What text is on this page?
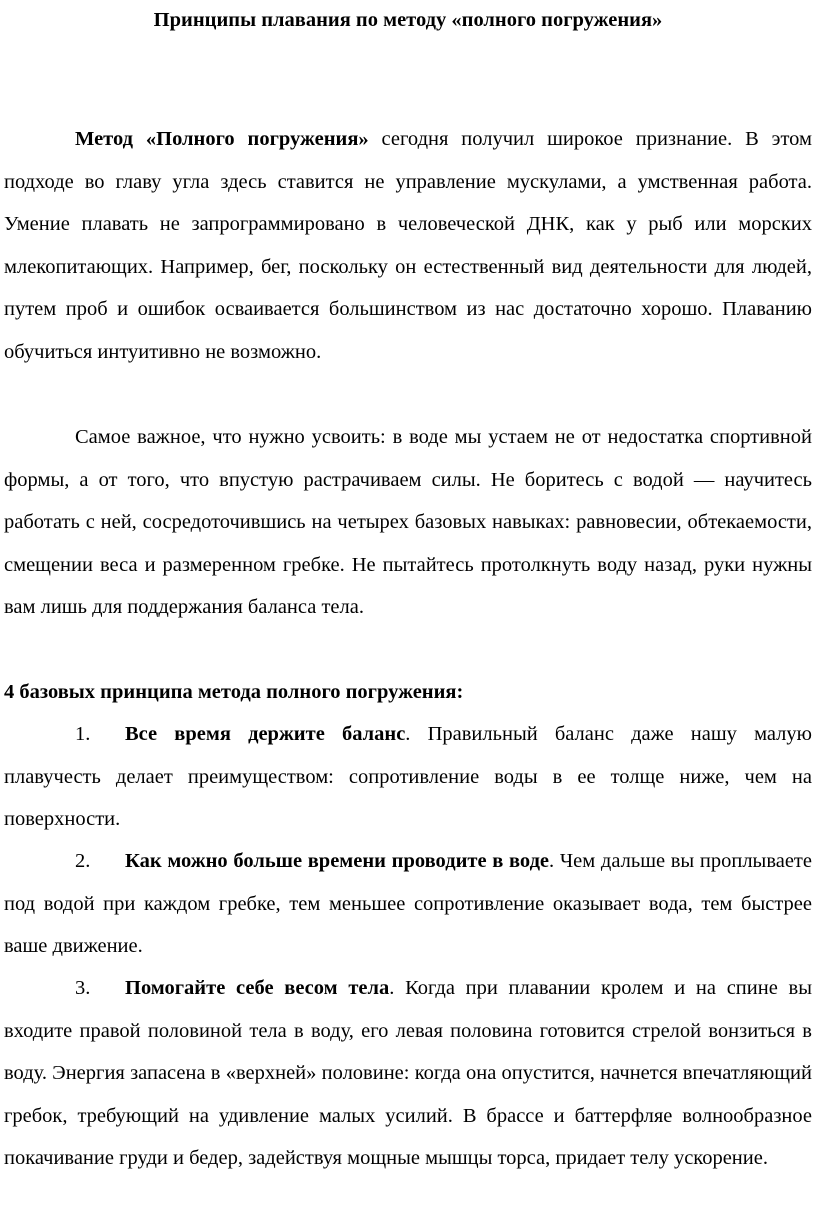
Принципы плавания по методу «полного погружения»

Метод «Полного погружения» сегодня получил широкое признание. В этом подходе во главу угла здесь ставится не управление мускулами, а умственная работа. Умение плавать не запрограммировано в человеческой ДНК, как у рыб или морских млекопитающих. Например, бег, поскольку он естественный вид деятельности для людей, путем проб и ошибок осваивается большинством из нас достаточно хорошо. Плаванию обучиться интуитивно не возможно.

Самое важное, что нужно усвоить: в воде мы устаем не от недостатка спортивной формы, а от того, что впустую растрачиваем силы. Не боритесь с водой — научитесь работать с ней, сосредоточившись на четырех базовых навыках: равновесии, обтекаемости, смещении веса и размеренном гребке. Не пытайтесь протолкнуть воду назад, руки нужны вам лишь для поддержания баланса тела.

4 базовых принципа метода полного погружения:

1. Все время держите баланс. Правильный баланс даже нашу малую плавучесть делает преимуществом: сопротивление воды в ее толще ниже, чем на поверхности.

2. Как можно больше времени проводите в воде. Чем дальше вы проплываете под водой при каждом гребке, тем меньшее сопротивление оказывает вода, тем быстрее ваше движение.

3. Помогайте себе весом тела. Когда при плавании кролем и на спине вы входите правой половиной тела в воду, его левая половина готовится стрелой вонзиться в воду. Энергия запасена в «верхней» половине: когда она опустится, начнется впечатляющий гребок, требующий на удивление малых усилий. В брассе и баттерфляе волнообразное покачивание груди и бедер, задействуя мощные мышцы торса, придает телу ускорение.
